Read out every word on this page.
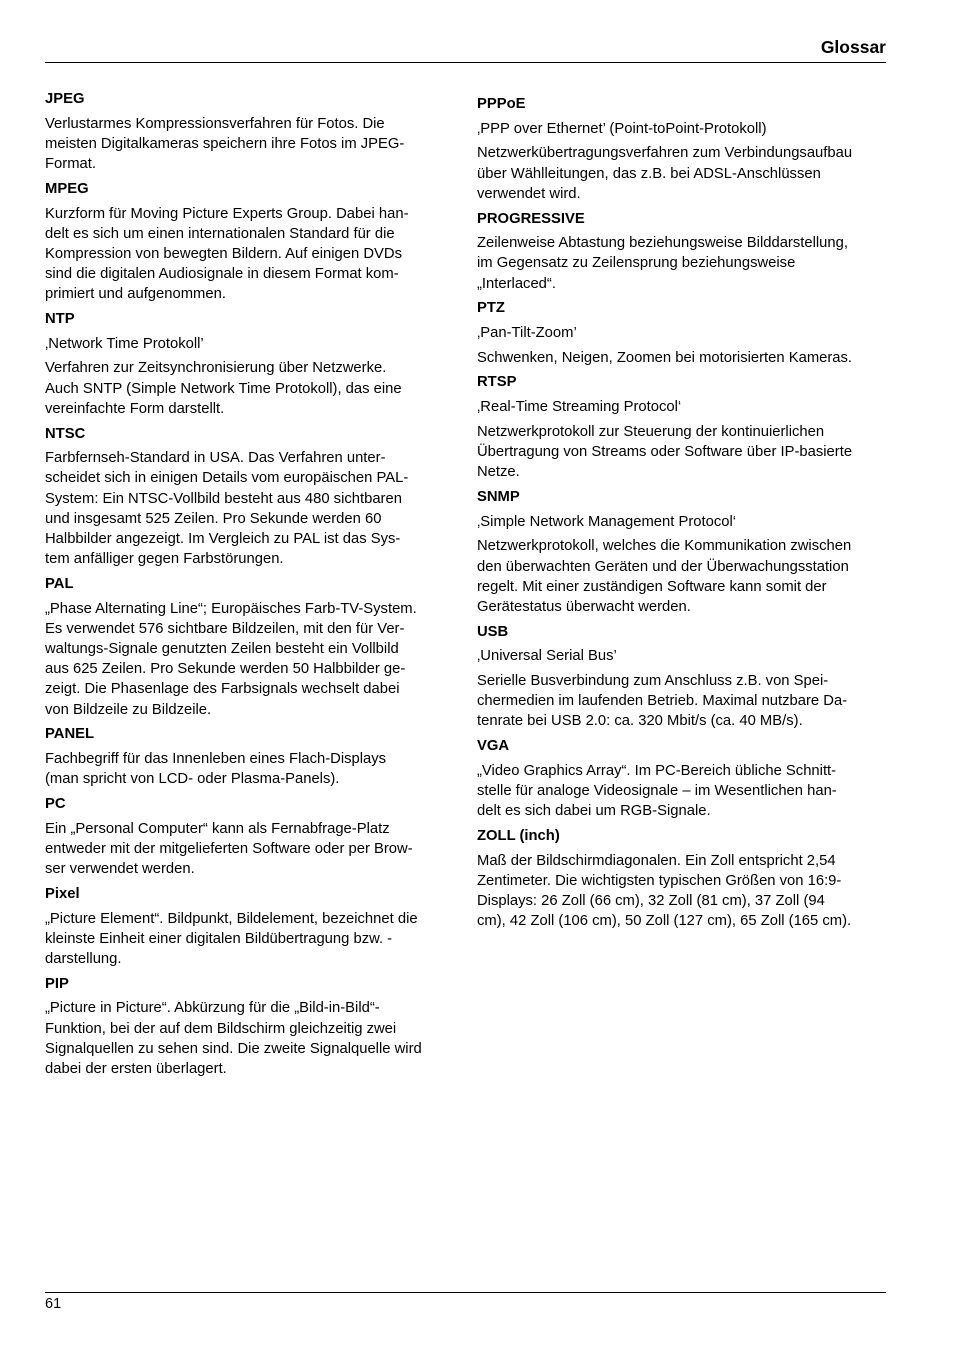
Glossar
JPEG
Verlustarmes Kompressionsverfahren für Fotos. Die
meisten Digitalkameras speichern ihre Fotos im JPEG-
Format.
MPEG
Kurzform für Moving Picture Experts Group. Dabei han-
delt es sich um einen internationalen Standard für die
Kompression von bewegten Bildern. Auf einigen DVDs
sind die digitalen Audiosignale in diesem Format kom-
primiert und aufgenommen.
NTP
‚Network Time Protokoll’
Verfahren zur Zeitsynchronisierung über Netzwerke.
Auch SNTP (Simple Network Time Protokoll), das eine
vereinfachte Form darstellt.
NTSC
Farbfernseh-Standard in USA. Das Verfahren unter-
scheidet sich in einigen Details vom europäischen PAL-
System: Ein NTSC-Vollbild besteht aus 480 sichtbaren
und insgesamt 525 Zeilen. Pro Sekunde werden 60
Halbbilder angezeigt. Im Vergleich zu PAL ist das Sys-
tem anfälliger gegen Farbstörungen.
PAL
„Phase Alternating Line“; Europäisches Farb-TV-System.
Es verwendet 576 sichtbare Bildzeilen, mit den für Ver-
waltungs-Signale genutzten Zeilen besteht ein Vollbild
aus 625 Zeilen. Pro Sekunde werden 50 Halbbilder ge-
zeigt. Die Phasenlage des Farbsignals wechselt dabei
von Bildzeile zu Bildzeile.
PANEL
Fachbegriff für das Innenleben eines Flach-Displays
(man spricht von LCD- oder Plasma-Panels).
PC
Ein „Personal Computer“ kann als Fernabfrage-Platz
entweder mit der mitgelieferten Software oder per Brow-
ser verwendet werden.
Pixel
„Picture Element“. Bildpunkt, Bildelement, bezeichnet die
kleinste Einheit einer digitalen Bildübertragung bzw. -
darstellung.
PIP
„Picture in Picture“. Abkürzung für die „Bild-in-Bild“-
Funktion, bei der auf dem Bildschirm gleichzeitig zwei
Signalquellen zu sehen sind. Die zweite Signalquelle wird
dabei der ersten überlagert.
PPPoE
‚PPP over Ethernet’ (Point-toPoint-Protokoll)
Netzwerkübertragungsverfahren zum Verbindungsaufbau
über Wählleitungen, das z.B. bei ADSL-Anschlüssen
verwendet wird.
PROGRESSIVE
Zeilenweise Abtastung beziehungsweise Bilddarstellung,
im Gegensatz zu Zeilensprung beziehungsweise
„Interlaced“.
PTZ
‚Pan-Tilt-Zoom’
Schwenken, Neigen, Zoomen bei motorisierten Kameras.
RTSP
‚Real-Time Streaming Protocol‘
Netzwerkprotokoll zur Steuerung der kontinuierlichen
Übertragung von Streams oder Software über IP-basierte
Netze.
SNMP
‚Simple Network Management Protocol‘
Netzwerkprotokoll, welches die Kommunikation zwischen
den überwachten Geräten und der Überwachungsstation
regelt. Mit einer zuständigen Software kann somit der
Gerätestatus überwacht werden.
USB
‚Universal Serial Bus’
Serielle Busverbindung zum Anschluss z.B. von Spei-
chermedien im laufenden Betrieb. Maximal nutzbare Da-
tenrate bei USB 2.0: ca. 320 Mbit/s (ca. 40 MB/s).
VGA
„Video Graphics Array“. Im PC-Bereich übliche Schnitt-
stelle für analoge Videosignale – im Wesentlichen han-
delt es sich dabei um RGB-Signale.
ZOLL (inch)
Maß der Bildschirmdiagonalen. Ein Zoll entspricht 2,54
Zentimeter. Die wichtigsten typischen Größen von 16:9-
Displays: 26 Zoll (66 cm), 32 Zoll (81 cm), 37 Zoll (94
cm), 42 Zoll (106 cm), 50 Zoll (127 cm), 65 Zoll (165 cm).
61
